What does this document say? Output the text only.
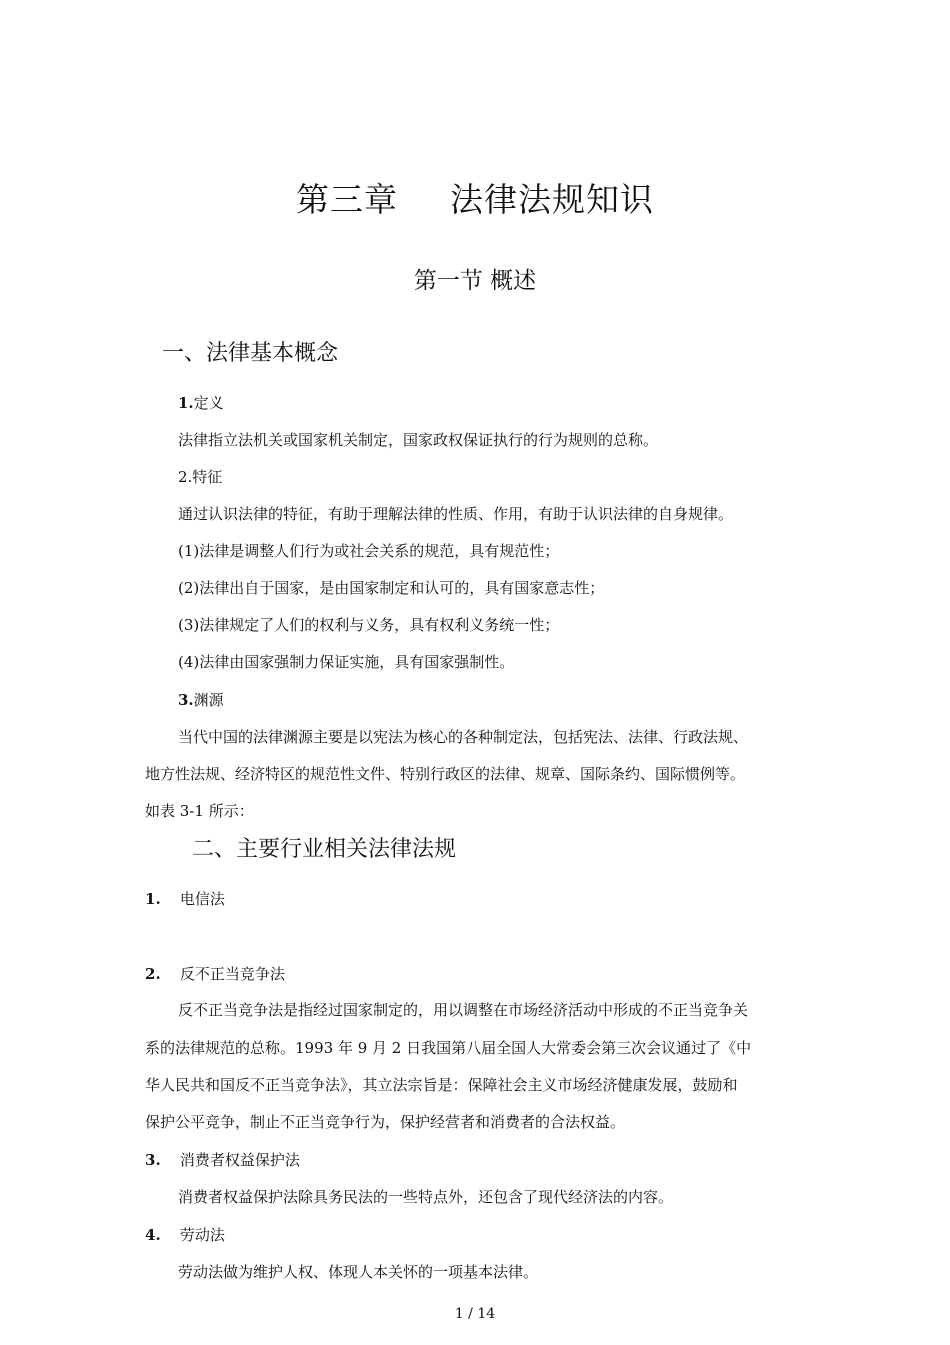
第三章 法律法规知识
第一节 概述
一、法律基本概念
1.定义
法律指立法机关或国家机关制定，国家政权保证执行的行为规则的总称。
2.特征
通过认识法律的特征，有助于理解法律的性质、作用，有助于认识法律的自身规律。
(1)法律是调整人们行为或社会关系的规范，具有规范性；
(2)法律出自于国家，是由国家制定和认可的，具有国家意志性；
(3)法律规定了人们的权利与义务，具有权利义务统一性；
(4)法律由国家强制力保证实施，具有国家强制性。
3.渊源
当代中国的法律渊源主要是以宪法为核心的各种制定法，包括宪法、法律、行政法规、
地方性法规、经济特区的规范性文件、特别行政区的法律、规章、国际条约、国际惯例等。
如表 3-1 所示：
二、主要行业相关法律法规
1. 电信法
2. 反不正当竞争法
反不正当竞争法是指经过国家制定的，用以调整在市场经济活动中形成的不正当竞争关
系的法律规范的总称。1993 年 9 月 2 日我国第八届全国人大常委会第三次会议通过了《中
华人民共和国反不正当竞争法》，其立法宗旨是：保障社会主义市场经济健康发展，鼓励和
保护公平竞争，制止不正当竞争行为，保护经营者和消费者的合法权益。
3. 消费者权益保护法
消费者权益保护法除具务民法的一些特点外，还包含了现代经济法的内容。
4. 劳动法
劳动法做为维护人权、体现人本关怀的一项基本法律。
1 / 14
